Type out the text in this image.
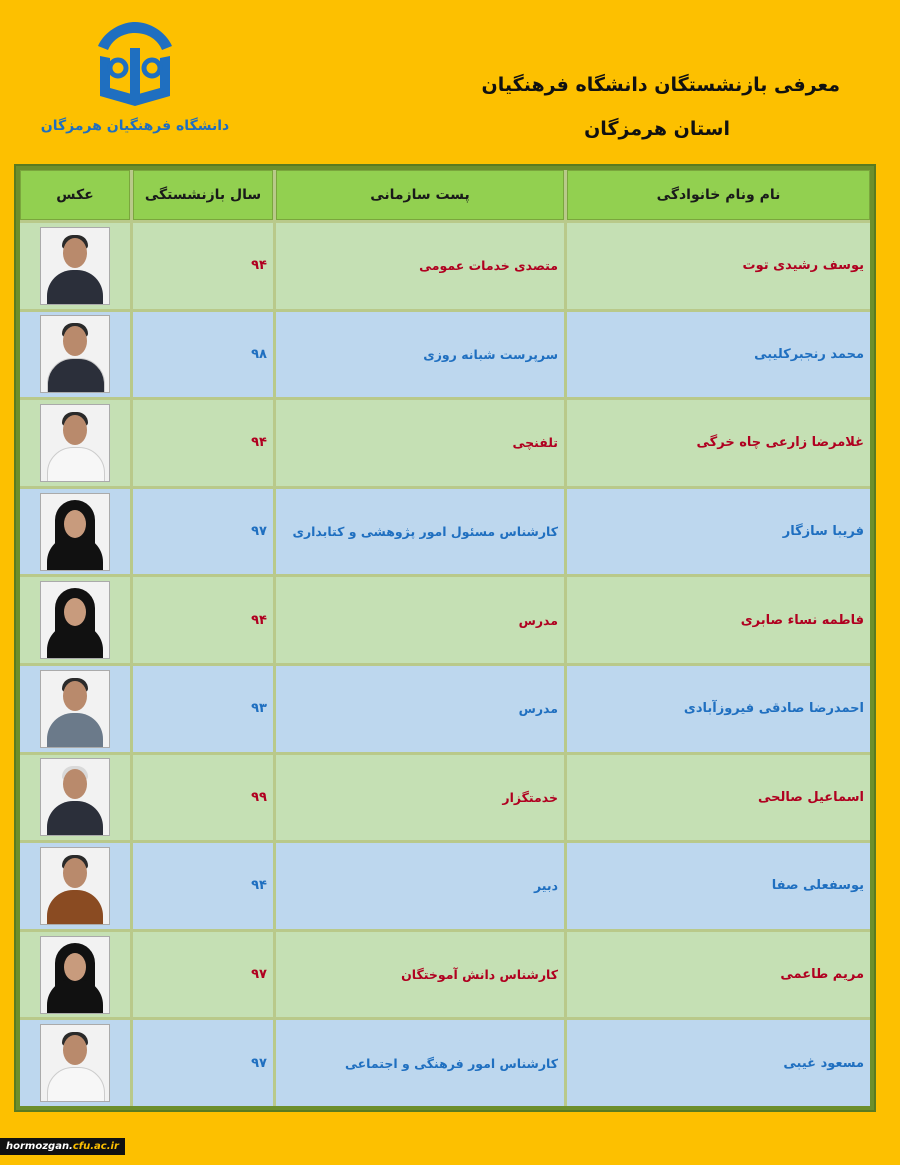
دانشگاه فرهنگیان هرمزگان
معرفی بازنشستگان دانشگاه فرهنگیان
استان هرمزگان
عکس	سال بازنشستگی	پست سازمانی	نام ونام خانوادگی
۹۴	متصدی خدمات عمومی	یوسف رشیدی توت
۹۸	سرپرست شبانه روزی	محمد رنجبرکلیبی
۹۴	تلفنچی	غلامرضا زارعی چاه خرگی
۹۷	کارشناس مسئول امور پژوهشی و کتابداری	فریبا سازگار
۹۴	مدرس	فاطمه نساء صابری
۹۳	مدرس	احمدرضا صادقی فیروزآبادی
۹۹	خدمتگزار	اسماعیل صالحی
۹۴	دبیر	یوسفعلی صفا
۹۷	کارشناس دانش آموختگان	مریم طاعمی
۹۷	کارشناس امور فرهنگی و اجتماعی	مسعود غیبی
hormozgan.cfu.ac.ir
